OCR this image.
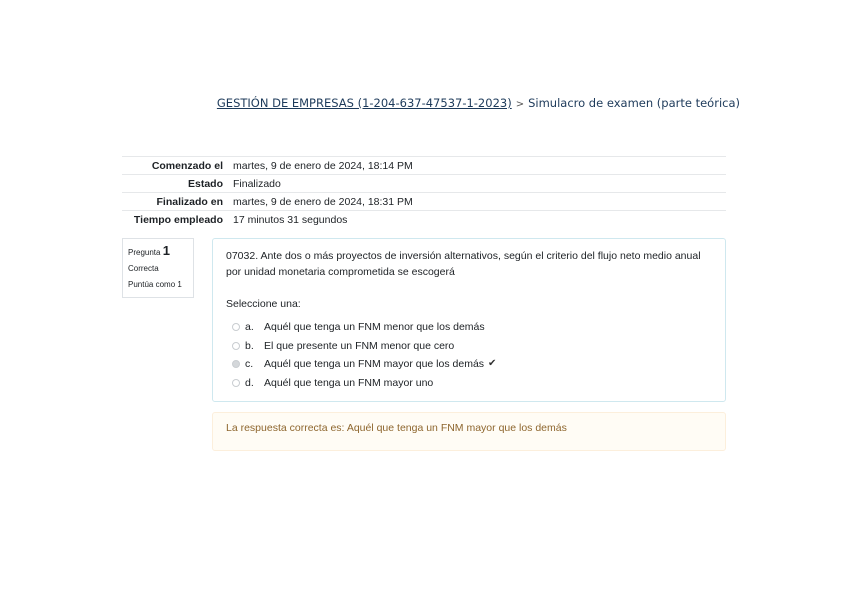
GESTIÓN DE EMPRESAS (1-204-637-47537-1-2023) > Simulacro de examen (parte teórica)
Comenzado el	martes, 9 de enero de 2024, 18:14 PM
Estado	Finalizado
Finalizado en	martes, 9 de enero de 2024, 18:31 PM
Tiempo empleado	17 minutos 31 segundos
Pregunta 1
Correcta
Puntúa como 1

07032. Ante dos o más proyectos de inversión alternativos, según el criterio del flujo neto medio anual por unidad monetaria comprometida se escogerá

Seleccione una:

a. Aquél que tenga un FNM menor que los demás
b. El que presente un FNM menor que cero
c.	Aquél que tenga un FNM mayor que los demás ✔
d. Aquél que tenga un FNM mayor uno
La respuesta correcta es: Aquél que tenga un FNM mayor que los demás
